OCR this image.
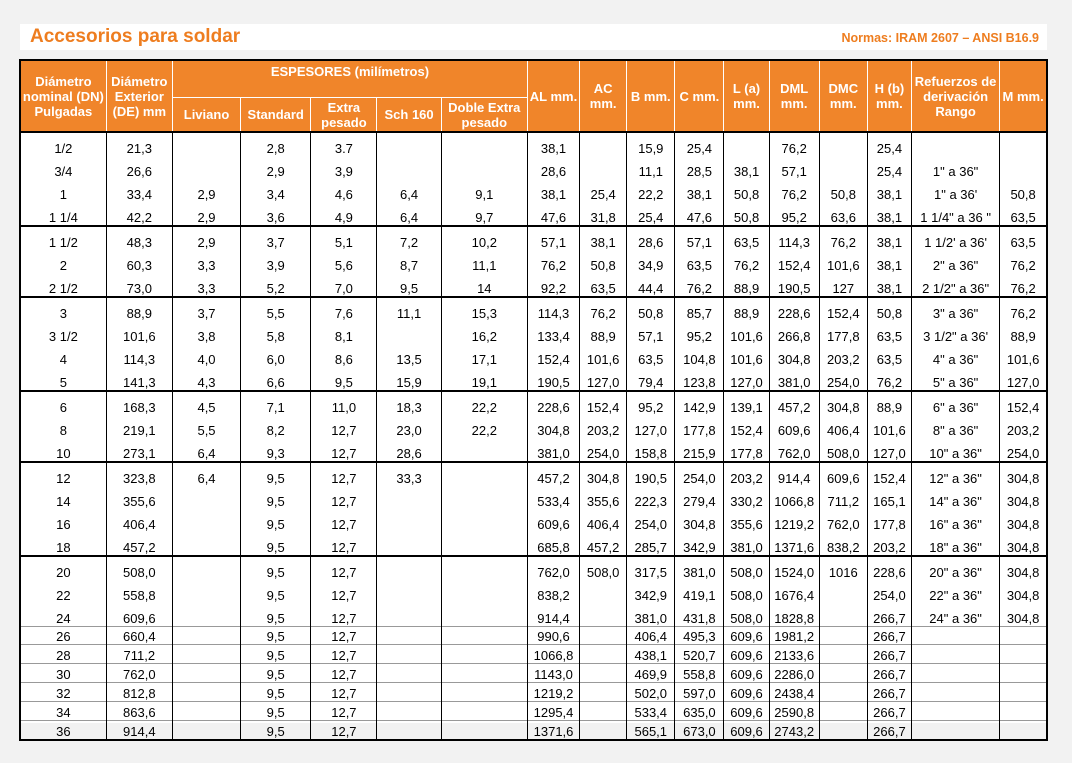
Accesorios para soldar	Normas: IRAM 2607 – ANSI B16.9
Diámetro nominal (DN) Pulgadas	Diámetro Exterior (DE) mm	ESPESORES (milímetros)					AL mm.	AC mm.	B mm.	C mm.	L (a) mm.	DML mm.	DMC mm.	H (b) mm.	Refuerzos de derivación Rango	M mm.
		Liviano	Standard	Extra pesado	Sch 160	Doble Extra pesado										
1/2	21,3		2,8	3.7			38,1		15,9	25,4		76,2		25,4		
3/4	26,6		2,9	3,9			28,6		11,1	28,5	38,1	57,1		25,4	1" a 36"	
1	33,4	2,9	3,4	4,6	6,4	9,1	38,1	25,4	22,2	38,1	50,8	76,2	50,8	38,1	1" a 36'	50,8
1 1/4	42,2	2,9	3,6	4,9	6,4	9,7	47,6	31,8	25,4	47,6	50,8	95,2	63,6	38,1	1 1/4" a 36 "	63,5
1 1/2	48,3	2,9	3,7	5,1	7,2	10,2	57,1	38,1	28,6	57,1	63,5	114,3	76,2	38,1	1 1/2' a 36'	63,5
2	60,3	3,3	3,9	5,6	8,7	11,1	76,2	50,8	34,9	63,5	76,2	152,4	101,6	38,1	2" a 36"	76,2
2 1/2	73,0	3,3	5,2	7,0	9,5	14	92,2	63,5	44,4	76,2	88,9	190,5	127	38,1	2 1/2" a 36"	76,2
3	88,9	3,7	5,5	7,6	11,1	15,3	114,3	76,2	50,8	85,7	88,9	228,6	152,4	50,8	3" a 36"	76,2
3 1/2	101,6	3,8	5,8	8,1		16,2	133,4	88,9	57,1	95,2	101,6	266,8	177,8	63,5	3 1/2" a 36'	88,9
4	114,3	4,0	6,0	8,6	13,5	17,1	152,4	101,6	63,5	104,8	101,6	304,8	203,2	63,5	4" a 36"	101,6
5	141,3	4,3	6,6	9,5	15,9	19,1	190,5	127,0	79,4	123,8	127,0	381,0	254,0	76,2	5" a 36"	127,0
6	168,3	4,5	7,1	11,0	18,3	22,2	228,6	152,4	95,2	142,9	139,1	457,2	304,8	88,9	6" a 36"	152,4
8	219,1	5,5	8,2	12,7	23,0	22,2	304,8	203,2	127,0	177,8	152,4	609,6	406,4	101,6	8" a 36"	203,2
10	273,1	6,4	9,3	12,7	28,6		381,0	254,0	158,8	215,9	177,8	762,0	508,0	127,0	10" a 36"	254,0
12	323,8	6,4	9,5	12,7	33,3		457,2	304,8	190,5	254,0	203,2	914,4	609,6	152,4	12" a 36"	304,8
14	355,6		9,5	12,7			533,4	355,6	222,3	279,4	330,2	1066,8	711,2	165,1	14" a 36"	304,8
16	406,4		9,5	12,7			609,6	406,4	254,0	304,8	355,6	1219,2	762,0	177,8	16" a 36"	304,8
18	457,2		9,5	12,7			685,8	457,2	285,7	342,9	381,0	1371,6	838,2	203,2	18" a 36"	304,8
20	508,0		9,5	12,7			762,0	508,0	317,5	381,0	508,0	1524,0	1016	228,6	20" a 36"	304,8
22	558,8		9,5	12,7			838,2		342,9	419,1	508,0	1676,4		254,0	22" a 36"	304,8
24	609,6		9,5	12,7			914,4		381,0	431,8	508,0	1828,8		266,7	24" a 36"	304,8
26	660,4		9,5	12,7			990,6		406,4	495,3	609,6	1981,2		266,7		
28	711,2		9,5	12,7			1066,8		438,1	520,7	609,6	2133,6		266,7		
30	762,0		9,5	12,7			1143,0		469,9	558,8	609,6	2286,0		266,7		
32	812,8		9,5	12,7			1219,2		502,0	597,0	609,6	2438,4		266,7		
34	863,6		9,5	12,7			1295,4		533,4	635,0	609,6	2590,8		266,7		
36	914,4		9,5	12,7			1371,6		565,1	673,0	609,6	2743,2		266,7		
